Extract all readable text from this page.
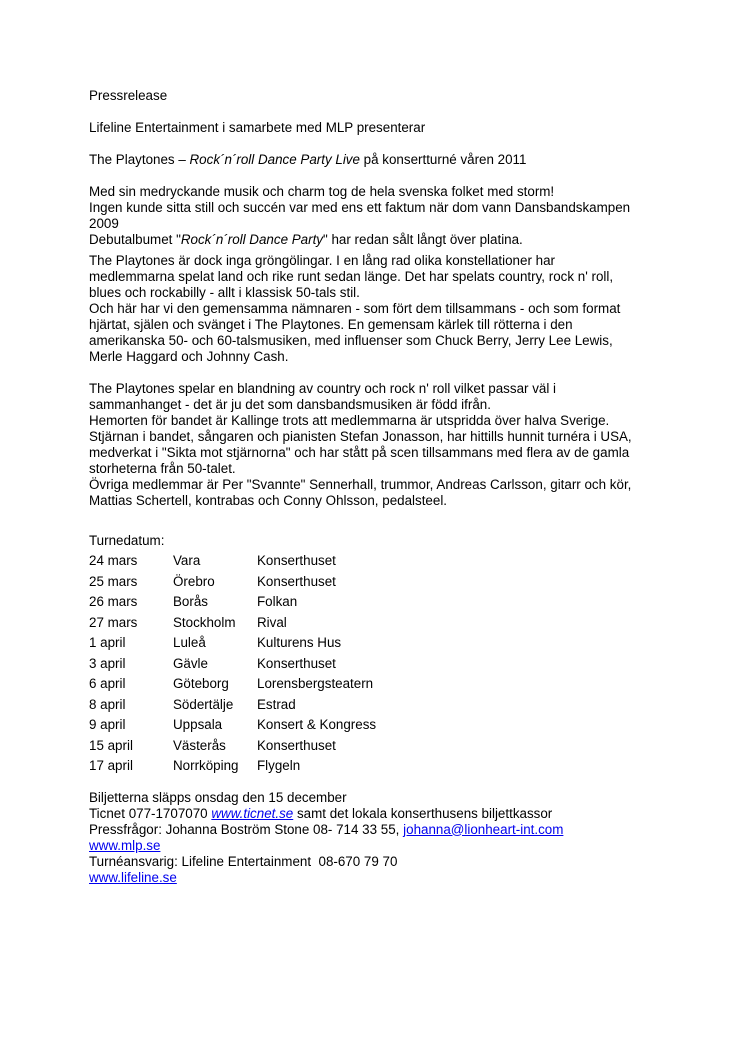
Pressrelease

Lifeline Entertainment i samarbete med MLP presenterar

The Playtones – Rock´n´roll Dance Party Live på konsertturné våren 2011

Med sin medryckande musik och charm tog de hela svenska folket med storm!

Ingen kunde sitta still och succén var med ens ett faktum när dom vann Dansbandskampen

2009

Debutalbumet "Rock´n´roll Dance Party" har redan sålt långt över platina.

The Playtones är dock inga gröngölingar. I en lång rad olika konstellationer har

medlemmarna spelat land och rike runt sedan länge. Det har spelats country, rock n' roll,

blues och rockabilly - allt i klassisk 50-tals stil.

Och här har vi den gemensamma nämnaren - som fört dem tillsammans - och som format

hjärtat, själen och svänget i The Playtones. En gemensam kärlek till rötterna i den

amerikanska 50- och 60-talsmusiken, med influenser som Chuck Berry, Jerry Lee Lewis,

Merle Haggard och Johnny Cash.

The Playtones spelar en blandning av country och rock n' roll vilket passar väl i

sammanhanget - det är ju det som dansbandsmusiken är född ifrån.

Hemorten för bandet är Kallinge trots att medlemmarna är utspridda över halva Sverige.

Stjärnan i bandet, sångaren och pianisten Stefan Jonasson, har hittills hunnit turnéra i USA,

medverkat i "Sikta mot stjärnorna" och har stått på scen tillsammans med flera av de gamla

storheterna från 50-talet.

Övriga medlemmar är Per "Svannte" Sennerhall, trummor, Andreas Carlsson, gitarr och kör,

Mattias Schertell, kontrabas och Conny Ohlsson, pedalsteel.

Turnedatum:

24 mars	Vara	Konserthuset
25 mars	Örebro	Konserthuset
26 mars	Borås	Folkan
27 mars	Stockholm	Rival
1 april	Luleå	Kulturens Hus
3 april	Gävle	Konserthuset
6 april	Göteborg	Lorensbergsteatern
8 april	Södertälje	Estrad
9 april	Uppsala	Konsert & Kongress
15 april	Västerås	Konserthuset
17 april	Norrköping	Flygeln

Biljetterna släpps onsdag den 15 december

Ticnet 077-1707070 www.ticnet.se samt det lokala konserthusens biljettkassor

Pressfrågor: Johanna Boström Stone 08- 714 33 55, johanna@lionheart-int.com

www.mlp.se

Turnéansvarig: Lifeline Entertainment  08-670 79 70

www.lifeline.se
